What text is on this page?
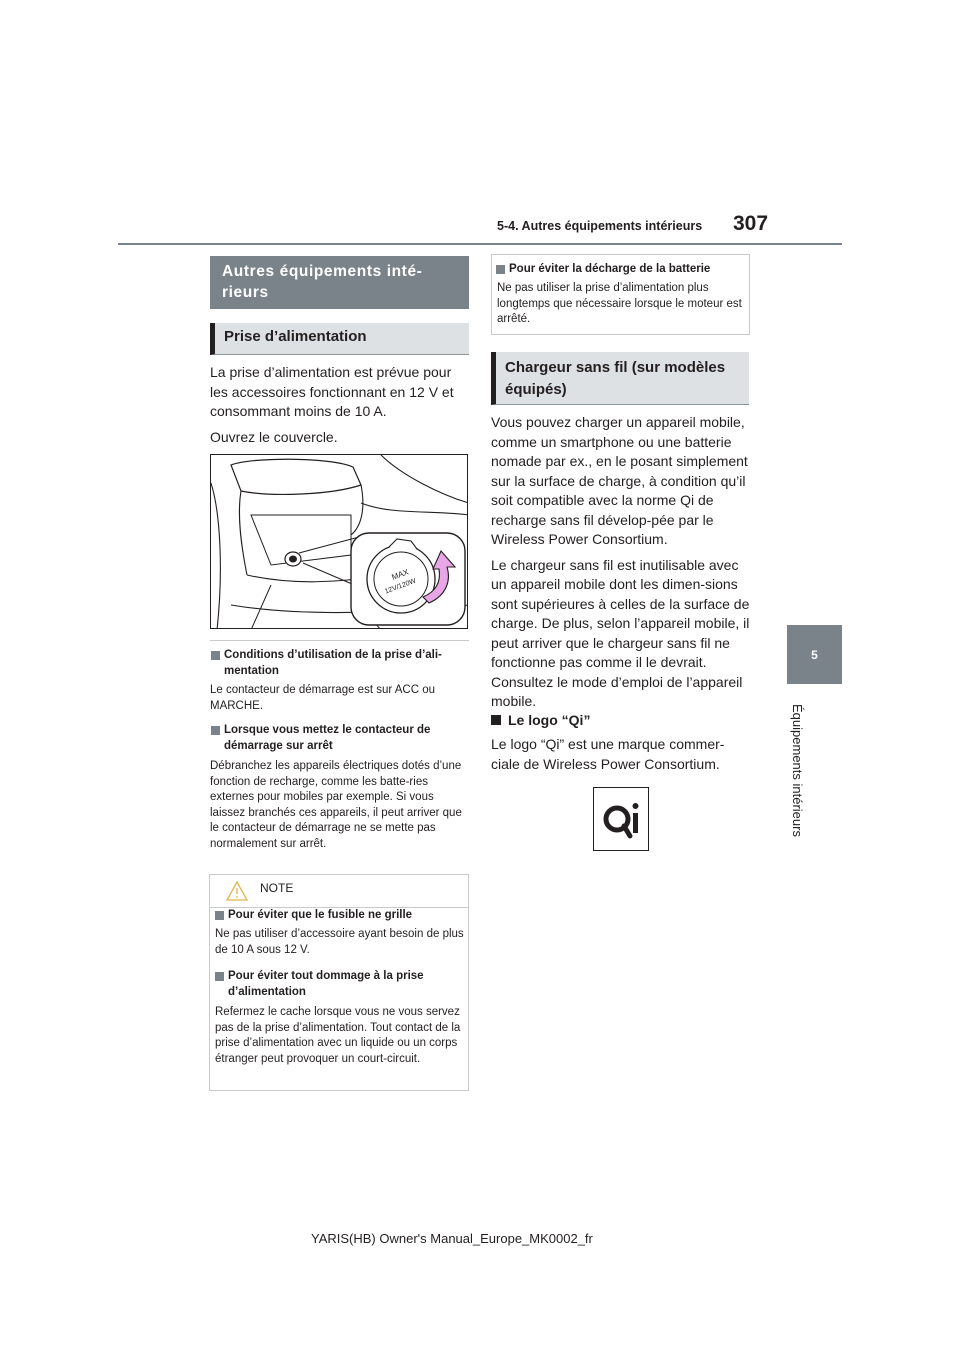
5-4. Autres équipements intérieurs 307
5
Équipements intérieurs
Autres équipements inté-rieurs
Prise d’alimentation

La prise d’alimentation est prévue pour les accessoires fonctionnant en 12 V et consommant moins de 10 A.

Ouvrez le couvercle.

MAX
12V/120W
Conditions d’utilisation de la prise d’ali-mentation
Le contacteur de démarrage est sur ACC ou MARCHE.
Lorsque vous mettez le contacteur de démarrage sur arrêt
Débranchez les appareils électriques dotés d’une fonction de recharge, comme les batte-ries externes pour mobiles par exemple. Si vous laissez branchés ces appareils, il peut arriver que le contacteur de démarrage ne se mette pas normalement sur arrêt.
NOTE
Pour éviter que le fusible ne grille
Ne pas utiliser d’accessoire ayant besoin de plus de 10 A sous 12 V.
Pour éviter tout dommage à la prise d’alimentation
Refermez le cache lorsque vous ne vous servez pas de la prise d’alimentation. Tout contact de la prise d’alimentation avec un liquide ou un corps étranger peut provoquer un court-circuit.
Pour éviter la décharge de la batterie
Ne pas utiliser la prise d’alimentation plus longtemps que nécessaire lorsque le moteur est arrêté.
Chargeur sans fil (sur modèles équipés)

Vous pouvez charger un appareil mobile, comme un smartphone ou une batterie nomade par ex., en le posant simplement sur la surface de charge, à condition qu’il soit compatible avec la norme Qi de recharge sans fil dévelop-pée par le Wireless Power Consortium.

Le chargeur sans fil est inutilisable avec un appareil mobile dont les dimen-sions sont supérieures à celles de la surface de charge. De plus, selon l’appareil mobile, il peut arriver que le chargeur sans fil ne fonctionne pas comme il le devrait. Consultez le mode d’emploi de l’appareil mobile.

Le logo “Qi”
Le logo “Qi” est une marque commer-ciale de Wireless Power Consortium.
YARIS(HB) Owner's Manual_Europe_MK0002_fr
